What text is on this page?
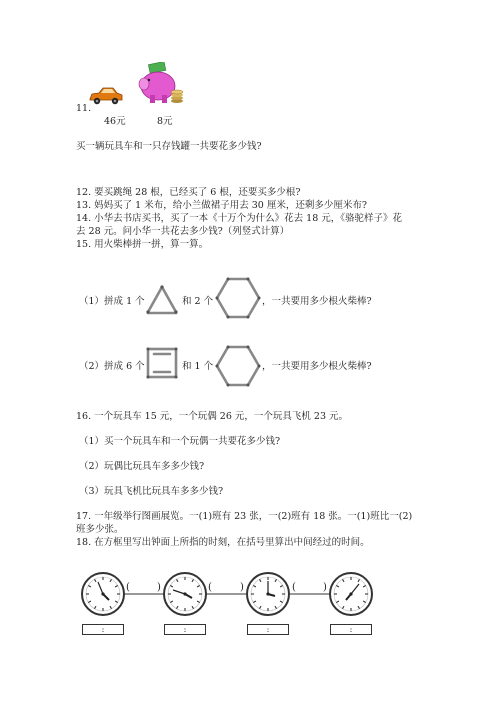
11.
46元	8元
买一辆玩具车和一只存钱罐一共要花多少钱?
12. 要买跳绳 28 根，已经买了 6 根，还要买多少根?
13. 妈妈买了 1 米布，给小兰做裙子用去 30 厘米，还剩多少厘米布?
14. 小华去书店买书，买了一本《十万个为什么》花去 18 元，《骆驼样子》花
去 28 元。问小华一共花去多少钱?（列竖式计算）
15. 用火柴棒拼一拼，算一算。
（1）拼成 1 个	和 2 个	，一共要用多少根火柴棒?
（2）拼成 6 个	和 1 个	，一共要用多少根火柴棒?
16. 一个玩具车 15 元，一个玩偶 26 元，一个玩具飞机 23 元。
（1）买一个玩具车和一个玩偶一共要花多少钱?
（2）玩偶比玩具车多多少钱?
（3）玩具飞机比玩具车多多少钱?
17. 一年级举行图画展览。一(1)班有 23 张，一(2)班有 18 张。一(1)班比一(2)
班多少张。
18. 在方框里写出钟面上所指的时刻，在括号里算出中间经过的时间。
(	)	(	)	(	)
:	:	:	:
